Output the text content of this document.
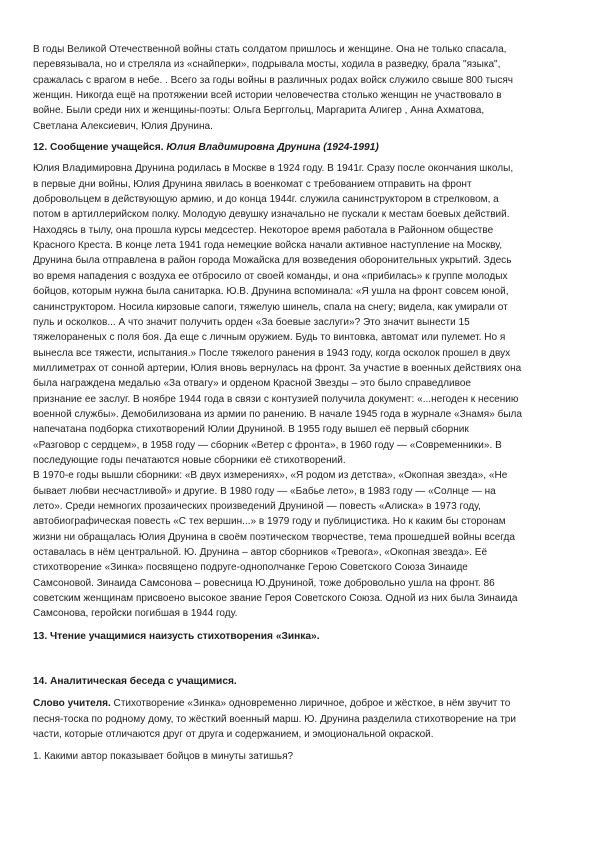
В годы Великой Отечественной войны стать солдатом пришлось и женщине. Она не только спасала,
перевязывала, но и стреляла из «снайперки», подрывала мосты, ходила в разведку, брала "языка",
сражалась с врагом в небе. . Всего за годы войны в различных родах войск служило свыше 800 тысяч
женщин. Никогда ещё на протяжении всей истории человечества столько женщин не участвовало в
войне. Были среди них и женщины-поэты: Ольга Берггольц, Маргарита Алигер , Анна Ахматова,
Светлана Алексиевич, Юлия Друнина.
12. Сообщение учащейся. Юлия Владимировна Друнина (1924-1991)
Юлия Владимировна Друнина родилась в Москве в 1924 году. В 1941г. Сразу после окончания школы,
в первые дни войны, Юлия Друнина явилась в военкомат с требованием отправить на фронт
добровольцем в действующую армию, и до конца 1944г. служила санинструктором в стрелковом, а
потом в артиллерийском полку. Молодую девушку изначально не пускали к местам боевых действий.
Находясь в тылу, она прошла курсы медсестер. Некоторое время работала в Районном обществе
Красного Креста. В конце лета 1941 года немецкие войска начали активное наступление на Москву,
Друнина была отправлена в район города Можайска для возведения оборонительных укрытий. Здесь
во время нападения с воздуха ее отбросило от своей команды, и она «прибилась» к группе молодых
бойцов, которым нужна была санитарка. Ю.В. Друнина вспоминала: «Я ушла на фронт совсем юной,
санинструктором. Носила кирзовые сапоги, тяжелую шинель, спала на снегу; видела, как умирали от
пуль и осколков... А что значит получить орден «За боевые заслуги»? Это значит вынести 15
тяжелораненых с поля боя. Да еще с личным оружием. Будь то винтовка, автомат или пулемет. Но я
вынесла все тяжести, испытания.» После тяжелого ранения в 1943 году, когда осколок прошел в двух
миллиметрах от сонной артерии, Юлия вновь вернулась на фронт. За участие в военных действиях она
была награждена медалью «За отвагу» и орденом Красной Звезды – это было справедливое
признание ее заслуг. В ноябре 1944 года в связи с контузией получила документ: «...негоден к несению
военной службы». Демобилизована из армии по ранению. В начале 1945 года в журнале «Знамя» была
напечатана подборка стихотворений Юлии Друниной. В 1955 году вышел её первый сборник
«Разговор с сердцем», в 1958 году — сборник «Ветер с фронта», в 1960 году — «Современники». В
последующие годы печатаются новые сборники её стихотворений.
В 1970-е годы вышли сборники: «В двух измерениях», «Я родом из детства», «Окопная звезда», «Не
бывает любви несчастливой» и другие. В 1980 году — «Бабье лето», в 1983 году — «Солнце — на
лето». Среди немногих прозаических произведений Друниной — повесть «Алиска» в 1973 году,
автобиографическая повесть «С тех вершин...» в 1979 году и публицистика. Но к каким бы сторонам
жизни ни обращалась Юлия Друнина в своём поэтическом творчестве, тема прошедшей войны всегда
оставалась в нём центральной. Ю. Друнина – автор сборников «Тревога», «Окопная звезда». Её
стихотворение «Зинка» посвящено подруге-однополчанке Герою Советского Союза Зинаиде
Самсоновой. Зинаида Самсонова – ровесница Ю.Друниной, тоже добровольно ушла на фронт. 86
советским женщинам присвоено высокое звание Героя Советского Союза. Одной из них была Зинаида
Самсонова, геройски погибшая в 1944 году.
13. Чтение учащимися наизусть стихотворения «Зинка».
14. Аналитическая беседа с учащимися.
Слово учителя. Стихотворение «Зинка» одновременно лиричное, доброе и жёсткое, в нём звучит то
песня-тоска по родному дому, то жёсткий военный марш. Ю. Друнина разделила стихотворение на три
части, которые отличаются друг от друга и содержанием, и эмоциональной окраской.
1. Какими автор показывает бойцов в минуты затишья?
